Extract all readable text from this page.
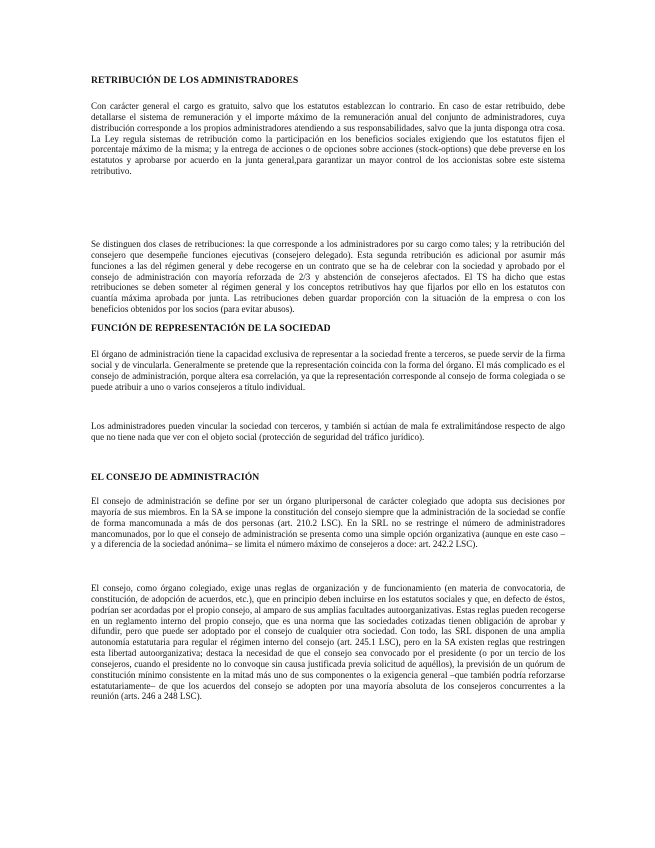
RETRIBUCIÓN DE LOS ADMINISTRADORES

Con carácter general el cargo es gratuito, salvo que los estatutos establezcan lo contrario. En caso de estar retribuido, debe detallarse el sistema de remuneración y el importe máximo de la remuneración anual del conjunto de administradores, cuya distribución corresponde a los propios administradores atendiendo a sus responsabilidades, salvo que la junta disponga otra cosa. La Ley regula sistemas de retribución como la participación en los beneficios sociales exigiendo que los estatutos fijen el porcentaje máximo de la misma; y la entrega de acciones o de opciones sobre acciones (stock-options) que debe preverse en los estatutos y aprobarse por acuerdo en la junta general,para garantizar un mayor control de los accionistas sobre este sistema retributivo.

Se distinguen dos clases de retribuciones: la que corresponde a los administradores por su cargo como tales; y la retribución del consejero que desempeñe funciones ejecutivas (consejero delegado). Esta segunda retribución es adicional por asumir más funciones a las del régimen general y debe recogerse en un contrato que se ha de celebrar con la sociedad y aprobado por el consejo de administración con mayoría reforzada de 2/3 y abstención de consejeros afectados. El TS ha dicho que estas retribuciones se deben someter al régimen general y los conceptos retributivos hay que fijarlos por ello en los estatutos con cuantía máxima aprobada por junta. Las retribuciones deben guardar proporción con la situación de la empresa o con los beneficios obtenidos por los socios (para evitar abusos).

FUNCIÓN DE REPRESENTACIÓN DE LA SOCIEDAD

El órgano de administración tiene la capacidad exclusiva de representar a la sociedad frente a terceros, se puede servir de la firma social y de vincularla. Generalmente se pretende que la representación coincida con la forma del órgano. El más complicado es el consejo de administración, porque altera esa correlación, ya que la representación corresponde al consejo de forma colegiada o se puede atribuir a uno o varios consejeros a título individual.

Los administradores pueden vincular la sociedad con terceros, y también si actúan de mala fe extralimitándose respecto de algo que no tiene nada que ver con el objeto social (protección de seguridad del tráfico jurídico).

EL CONSEJO DE ADMINISTRACIÓN

El consejo de administración se define por ser un órgano pluripersonal de carácter colegiado que adopta sus decisiones por mayoría de sus miembros. En la SA se impone la constitución del consejo siempre que la administración de la sociedad se confíe de forma mancomunada a más de dos personas (art. 210.2 LSC). En la SRL no se restringe el número de administradores mancomunados, por lo que el consejo de administración se presenta como una simple opción organizativa (aunque en este caso –y a diferencia de la sociedad anónima– se limita el número máximo de consejeros a doce: art. 242.2 LSC).

El consejo, como órgano colegiado, exige unas reglas de organización y de funcionamiento (en materia de convocatoria, de constitución, de adopción de acuerdos, etc.), que en principio deben incluirse en los estatutos sociales y que, en defecto de éstos, podrían ser acordadas por el propio consejo, al amparo de sus amplias facultades autoorganizativas. Estas reglas pueden recogerse en un reglamento interno del propio consejo, que es una norma que las sociedades cotizadas tienen obligación de aprobar y difundir, pero que puede ser adoptado por el consejo de cualquier otra sociedad. Con todo, las SRL disponen de una amplia autonomía estatutaria para regular el régimen interno del consejo (art. 245.1 LSC), pero en la SA existen reglas que restringen esta libertad autoorganizativa; destaca la necesidad de que el consejo sea convocado por el presidente (o por un tercio de los consejeros, cuando el presidente no lo convoque sin causa justificada previa solicitud de aquéllos), la previsión de un quórum de constitución mínimo consistente en la mitad más uno de sus componentes o la exigencia general –que también podría reforzarse estatutariamente– de que los acuerdos del consejo se adopten por una mayoría absoluta de los consejeros concurrentes a la reunión (arts. 246 a 248 LSC).
